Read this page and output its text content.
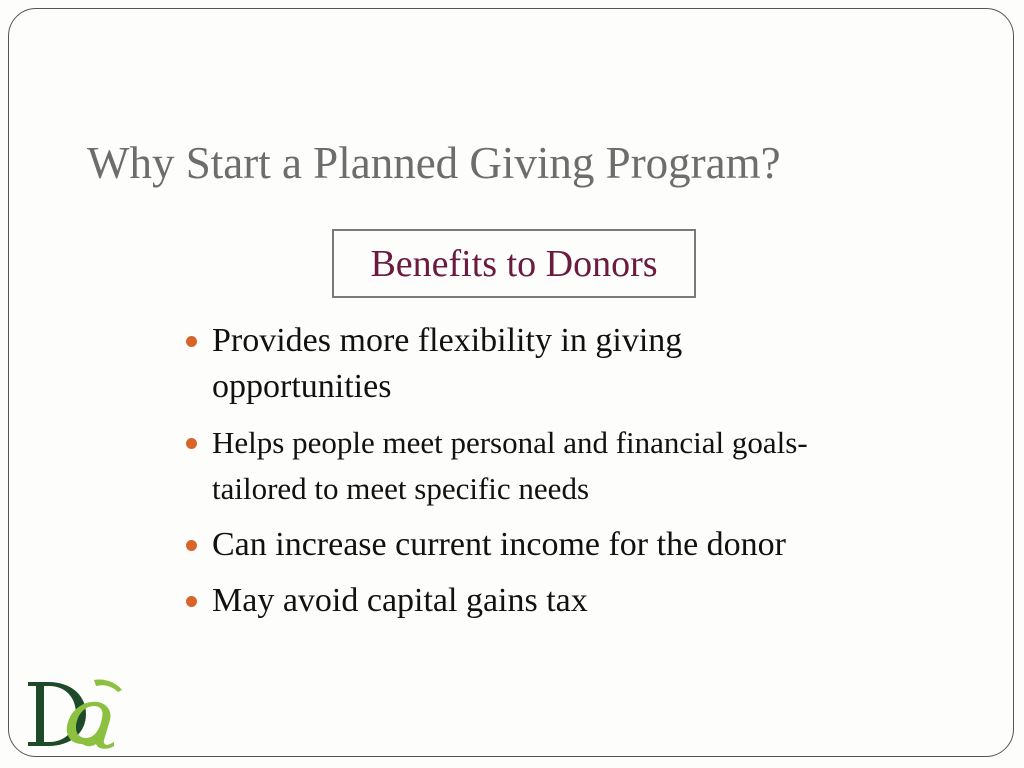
Why Start a Planned Giving Program?
Benefits to Donors
Provides more flexibility in giving opportunities
Helps people meet personal and financial goals-tailored to meet specific needs
Can increase current income for the donor
May avoid capital gains tax
